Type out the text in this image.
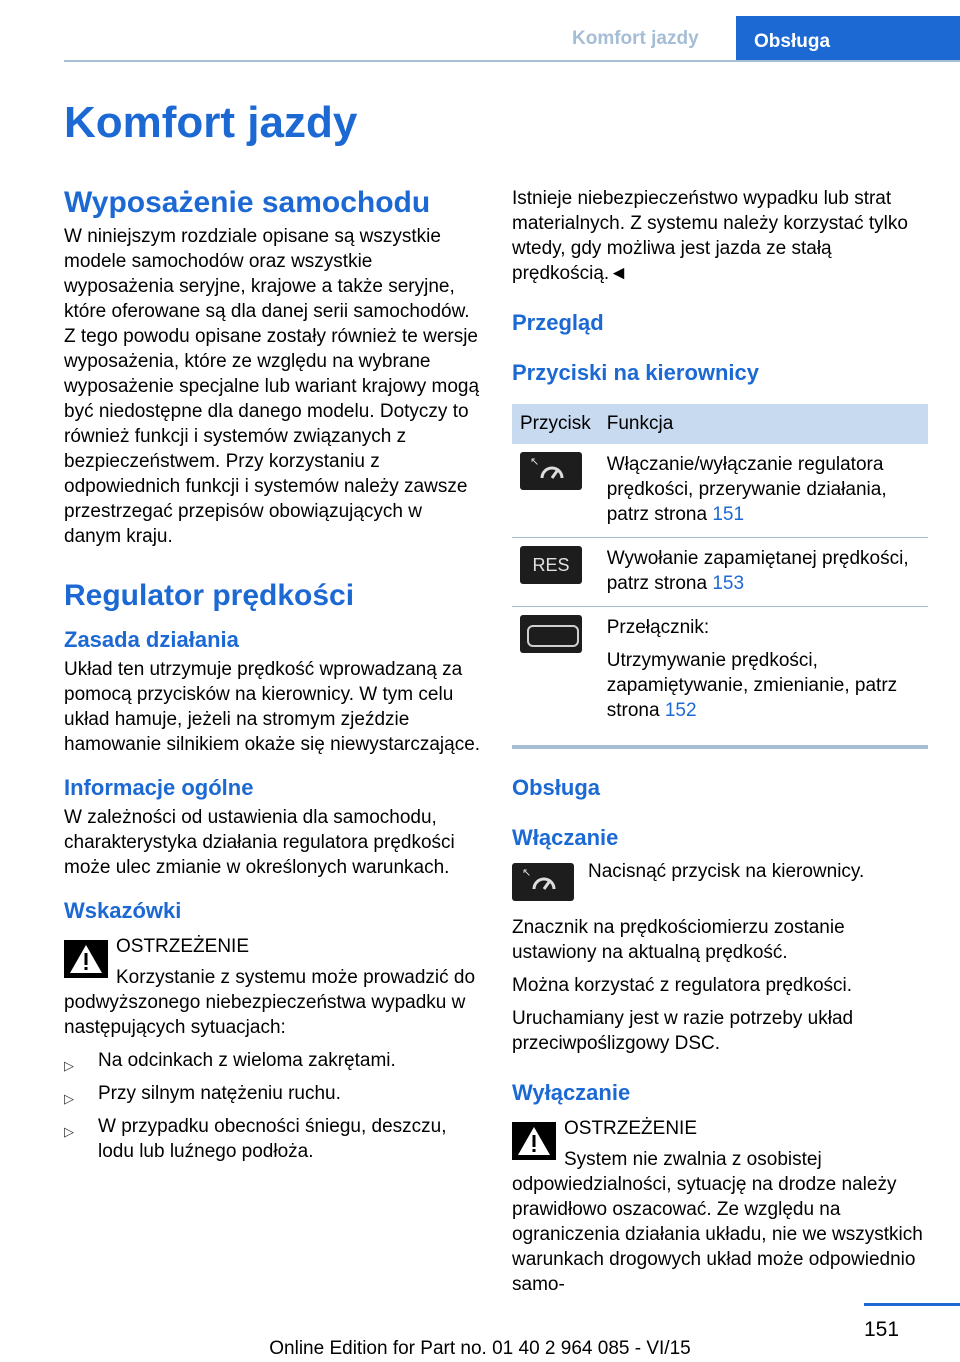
Komfort jazdy	Obsługa
Komfort jazdy
Wyposażenie samochodu

W niniejszym rozdziale opisane są wszystkie modele samochodów oraz wszystkie wyposażenia seryjne, krajowe a także seryjne, które oferowane są dla danej serii samochodów. Z tego powodu opisane zostały również te wersje wyposażenia, które ze względu na wybrane wyposażenie specjalne lub wariant krajowy mogą być niedostępne dla danego modelu. Dotyczy to również funkcji i systemów związanych z bezpieczeństwem. Przy korzystaniu z odpowiednich funkcji i systemów należy zawsze przestrzegać przepisów obowiązujących w danym kraju.

Regulator prędkości
Zasada działania

Układ ten utrzymuje prędkość wprowadzaną za pomocą przycisków na kierownicy. W tym celu układ hamuje, jeżeli na stromym zjeździe hamowanie silnikiem okaże się niewystarczające.

Informacje ogólne

W zależności od ustawienia dla samochodu, charakterystyka działania regulatora prędkości może ulec zmianie w określonych warunkach.

Wskazówki

OSTRZEŻENIE

Korzystanie z systemu może prowadzić do podwyższonego niebezpieczeństwa wypadku w następujących sytuacjach:

▷ Na odcinkach z wieloma zakrętami.
▷ Przy silnym natężeniu ruchu.
▷ W przypadku obecności śniegu, deszczu, lodu lub luźnego podłoża.

Istnieje niebezpieczeństwo wypadku lub strat materialnych. Z systemu należy korzystać tylko wtedy, gdy możliwa jest jazda ze stałą prędkością.◄

Przegląd
Przyciski na kierownicy
Przycisk	Funkcja

↖	Włączanie/wyłączanie regulatora prędkości, przerywanie działania, patrz strona 151

RES	Wywołanie zapamiętanej prędkości, patrz strona 153

	Przełącznik:
Utrzymywanie prędkości, zapamiętywanie, zmienianie, patrz strona 152
Obsługa
Włączanie
↖	Nacisnąć przycisk na kierownicy.

Znacznik na prędkościomierzu zostanie ustawiony na aktualną prędkość.

Można korzystać z regulatora prędkości.

Uruchamiany jest w razie potrzeby układ przeciwpoślizgowy DSC.

Wyłączanie

OSTRZEŻENIE

System nie zwalnia z osobistej odpowiedzialności, sytuację na drodze należy prawidłowo oszacować. Ze względu na ograniczenia działania układu, nie we wszystkich warunkach drogowych układ może odpowiednio samo-

151
Online Edition for Part no. 01 40 2 964 085 - VI/15
